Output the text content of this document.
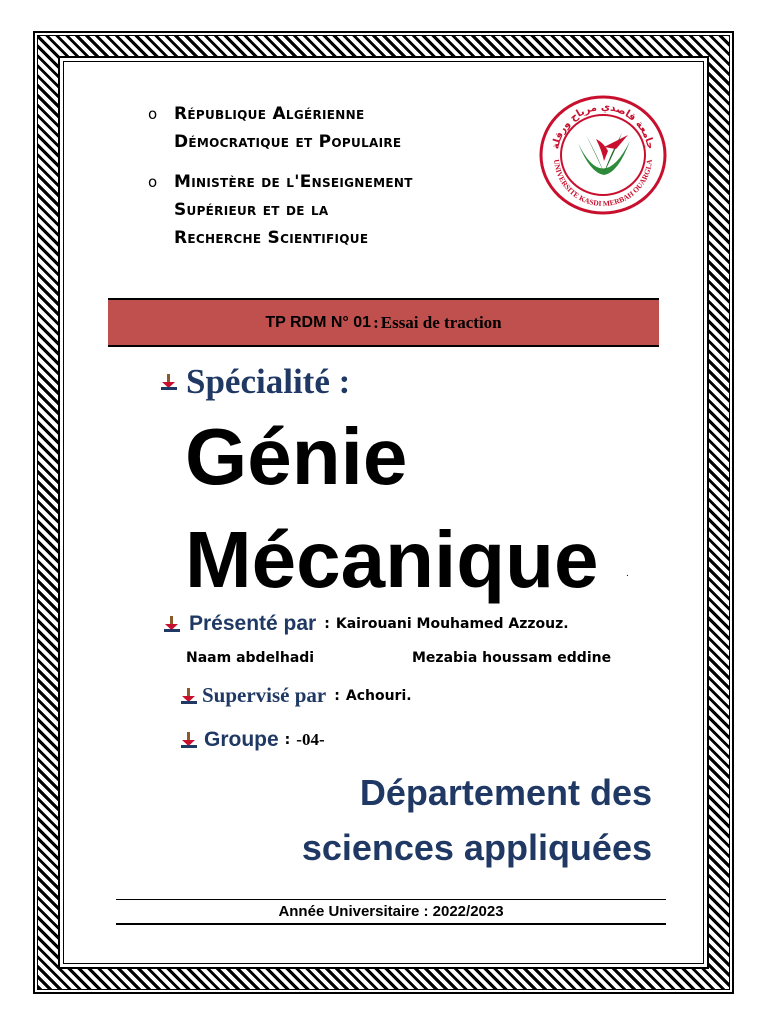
o République Algérienne
Démocratique et Populaire
o Ministère de l'Enseignement
Supérieur et de la
Recherche Scientifique
جامعة قاصدي مرباح ورقلة
UNIVERSITE KASDI MERBAH OUARGLA
TP RDM N° 01 : Essai de traction
Spécialité :
Génie
Mécanique	.
Présenté par : Kairouani Mouhamed Azzouz.
Naam abdelhadi	Mezabia houssam eddine
Supervisé par : Achouri.
Groupe : -04-
Département des
sciences appliquées
Année Universitaire : 2022/2023
